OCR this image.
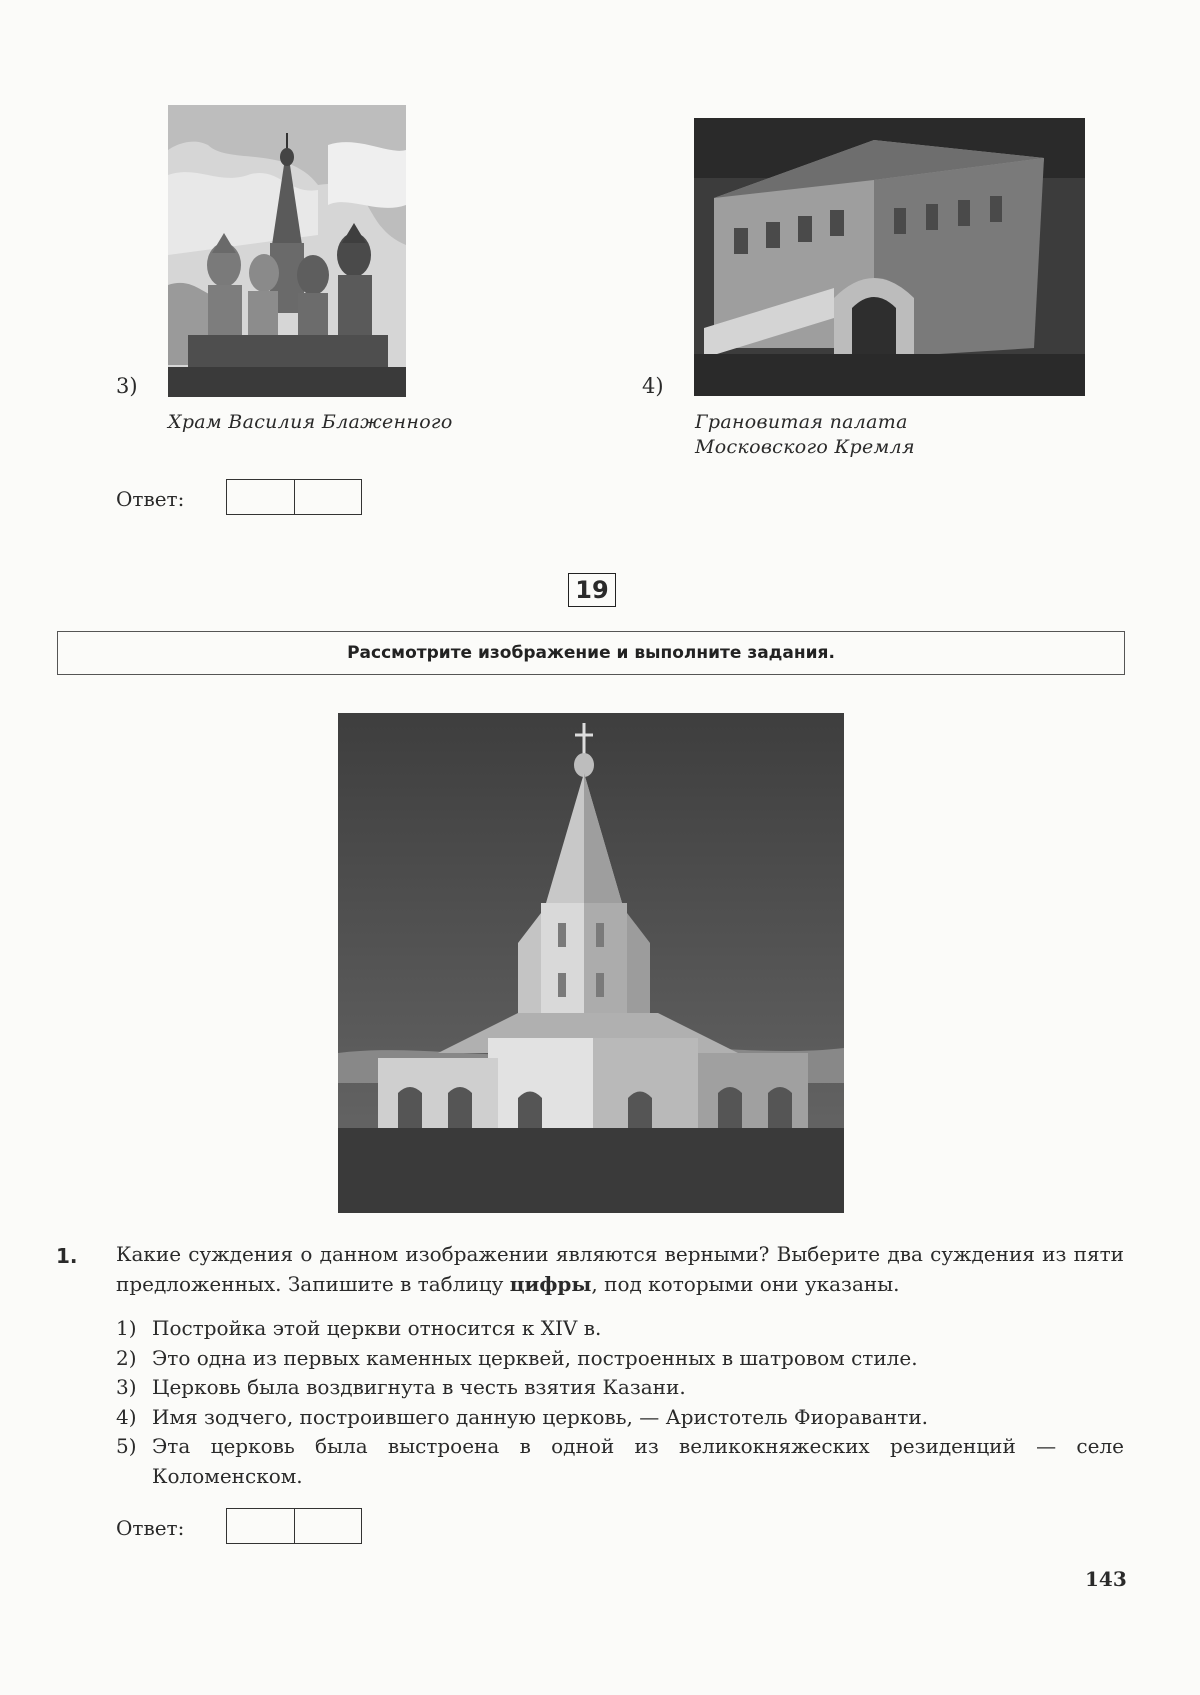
3)
Храм Василия Блаженного
4)
Грановитая палата
Московского Кремля
Ответ:
19
Рассмотрите изображение и выполните задания.
1. Какие суждения о данном изображении являются верными? Выберите два суждения из пяти предложенных. Запишите в таблицу цифры, под которыми они указаны.
1) Постройка этой церкви относится к XIV в.
2) Это одна из первых каменных церквей, построенных в шатровом стиле.
3) Церковь была воздвигнута в честь взятия Казани.
4) Имя зодчего, построившего данную церковь, — Аристотель Фиораванти.
5) Эта церковь была выстроена в одной из великокняжеских резиденций — селе Коломенском.
Ответ:
143
